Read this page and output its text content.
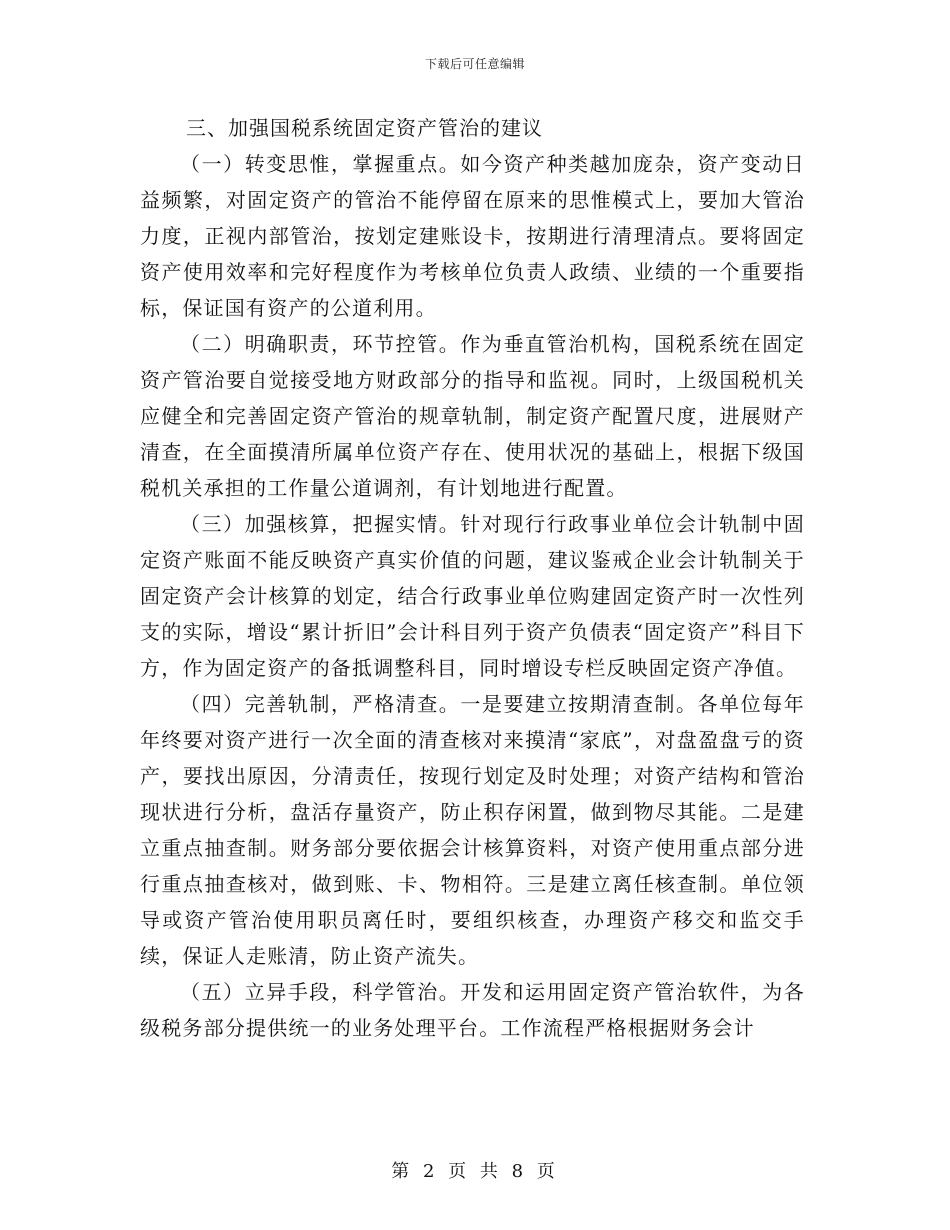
下载后可任意编辑
三、加强国税系统固定资产管治的建议

（一）转变思惟，掌握重点。如今资产种类越加庞杂，资产变动日益频繁，对固定资产的管治不能停留在原来的思惟模式上，要加大管治力度，正视内部管治，按划定建账设卡，按期进行清理清点。要将固定资产使用效率和完好程度作为考核单位负责人政绩、业绩的一个重要指标，保证国有资产的公道利用。

（二）明确职责，环节控管。作为垂直管治机构，国税系统在固定资产管治要自觉接受地方财政部分的指导和监视。同时，上级国税机关应健全和完善固定资产管治的规章轨制，制定资产配置尺度，进展财产清查，在全面摸清所属单位资产存在、使用状况的基础上，根据下级国税机关承担的工作量公道调剂，有计划地进行配置。

（三）加强核算，把握实情。针对现行行政事业单位会计轨制中固定资产账面不能反映资产真实价值的问题，建议鉴戒企业会计轨制关于固定资产会计核算的划定，结合行政事业单位购建固定资产时一次性列支的实际，增设“累计折旧”会计科目列于资产负债表“固定资产”科目下方，作为固定资产的备抵调整科目，同时增设专栏反映固定资产净值。

（四）完善轨制，严格清查。一是要建立按期清查制。各单位每年年终要对资产进行一次全面的清查核对来摸清“家底”，对盘盈盘亏的资产，要找出原因，分清责任，按现行划定及时处理；对资产结构和管治现状进行分析，盘活存量资产，防止积存闲置，做到物尽其能。二是建立重点抽查制。财务部分要依据会计核算资料，对资产使用重点部分进行重点抽查核对，做到账、卡、物相符。三是建立离任核查制。单位领导或资产管治使用职员离任时，要组织核查，办理资产移交和监交手续，保证人走账清，防止资产流失。

（五）立异手段，科学管治。开发和运用固定资产管治软件，为各级税务部分提供统一的业务处理平台。工作流程严格根据财务会计

第 2 页 共 8 页
